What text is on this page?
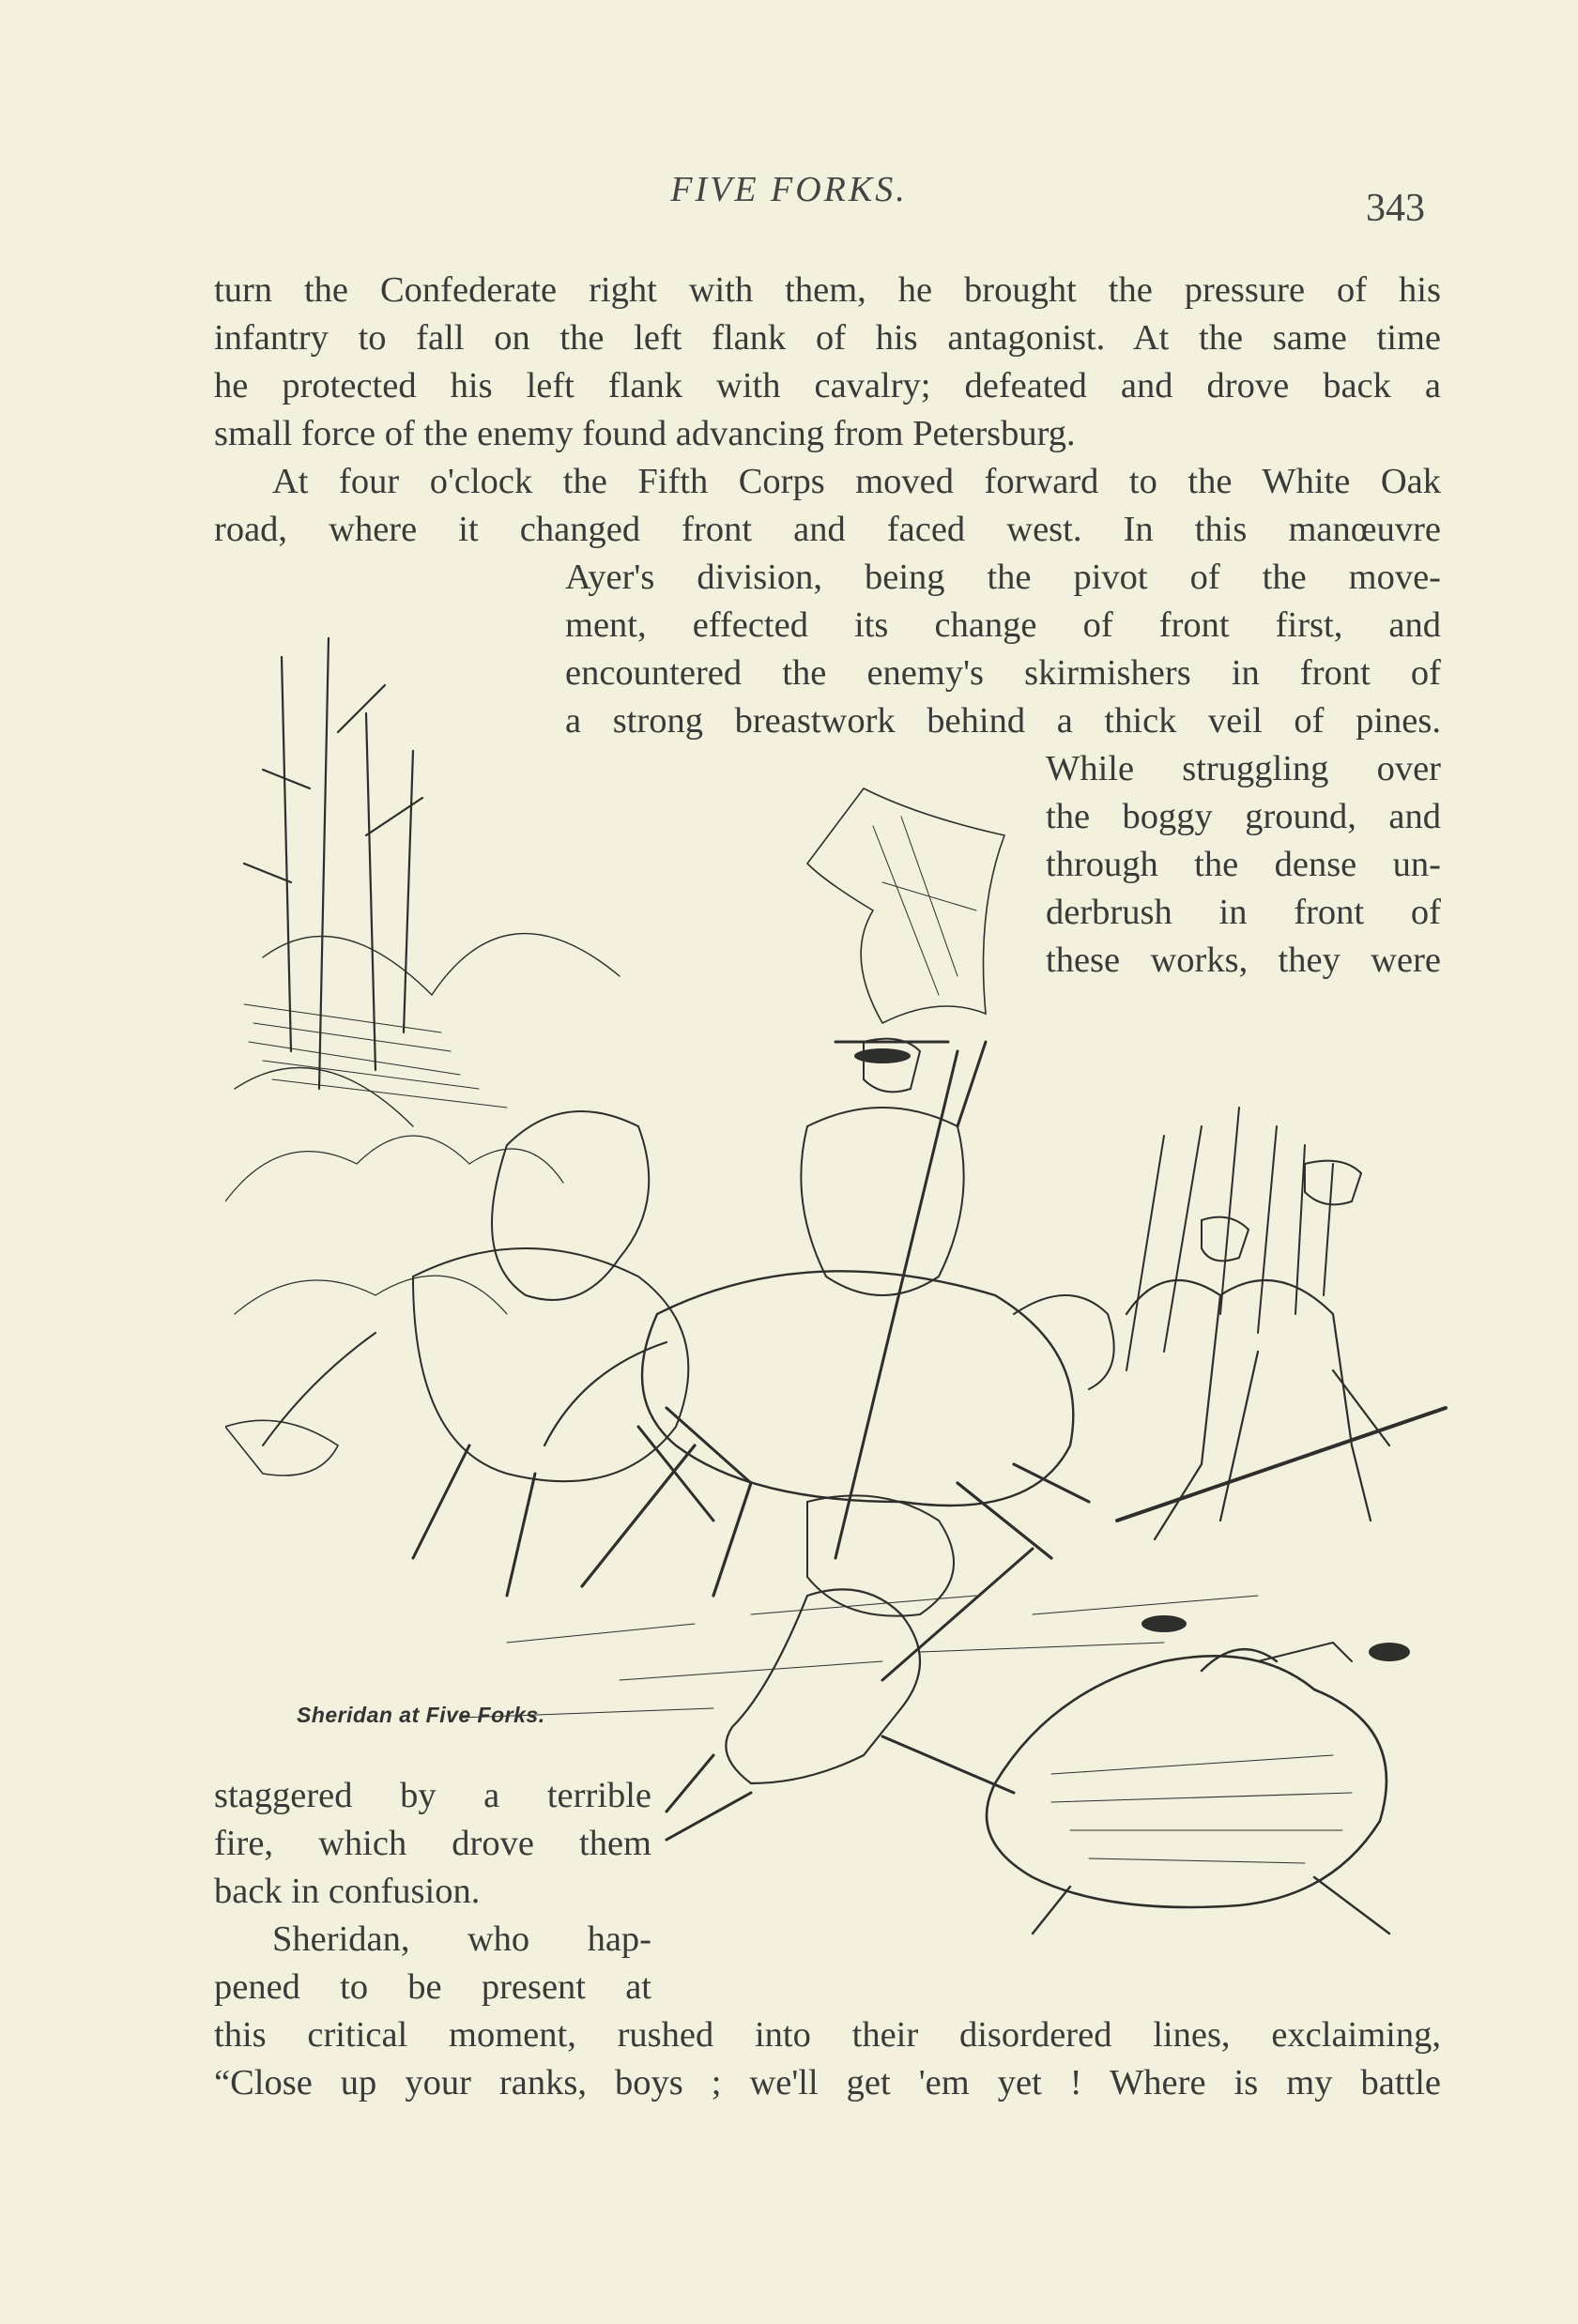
FIVE FORKS.	343
turn the Confederate right with them, he brought the pressure of his
infantry to fall on the left flank of his antagonist. At the same time
he protected his left flank with cavalry; defeated and drove back a
small force of the enemy found advancing from Petersburg.
At four o'clock the Fifth Corps moved forward to the White Oak
road, where it changed front and faced west. In this manœuvre
Ayer's division, being the pivot of the move-
ment, effected its change of front first, and
encountered the enemy's skirmishers in front of
a strong breastwork behind a thick veil of pines.
While struggling over
the boggy ground, and
through the dense un-
derbrush in front of
these works, they were
staggered by a terrible
fire, which drove them
back in confusion.
Sheridan, who hap-
pened to be present at
this critical moment, rushed into their disordered lines, exclaiming,
“Close up your ranks, boys ; we'll get 'em yet ! Where is my battle
Sheridan at Five Forks.
